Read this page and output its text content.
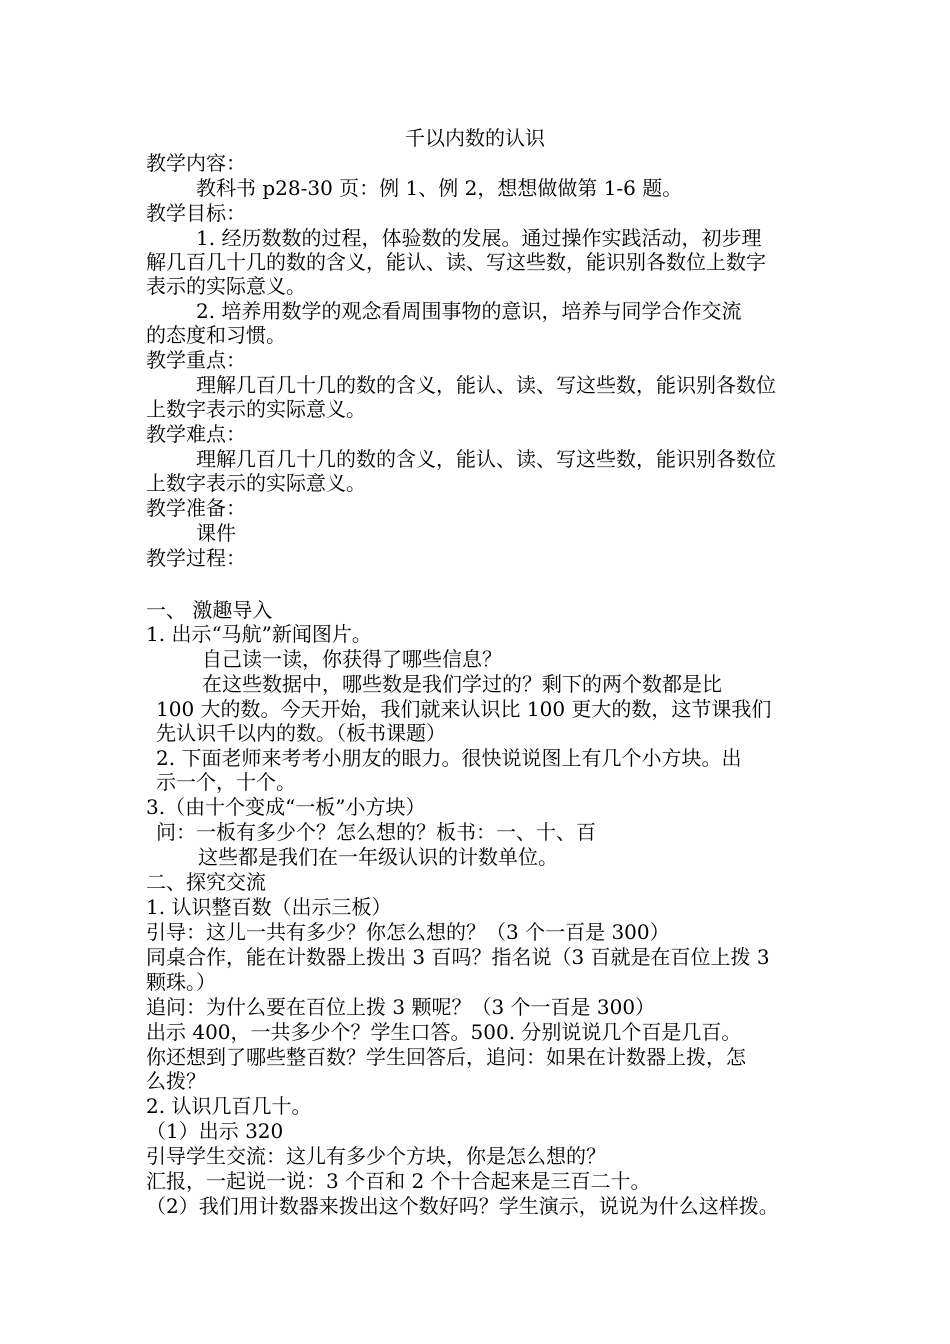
千以内数的认识
教学内容：
教科书 p28-30 页：例 1、例 2，想想做做第 1-6 题。
教学目标：
1. 经历数数的过程，体验数的发展。通过操作实践活动，初步理
解几百几十几的数的含义，能认、读、写这些数，能识别各数位上数字
表示的实际意义。
2. 培养用数学的观念看周围事物的意识，培养与同学合作交流
的态度和习惯。
教学重点：
理解几百几十几的数的含义，能认、读、写这些数，能识别各数位
上数字表示的实际意义。
教学难点：
理解几百几十几的数的含义，能认、读、写这些数，能识别各数位
上数字表示的实际意义。
教学准备：
课件
教学过程：
一、 激趣导入
1. 出示“马航”新闻图片。
自己读一读，你获得了哪些信息？
在这些数据中，哪些数是我们学过的？剩下的两个数都是比
100 大的数。今天开始，我们就来认识比 100 更大的数，这节课我们
先认识千以内的数。（板书课题）
2. 下面老师来考考小朋友的眼力。很快说说图上有几个小方块。出
示一个，十个。
3.（由十个变成“一板”小方块）
问：一板有多少个？怎么想的？板书：一、十、百
这些都是我们在一年级认识的计数单位。
二、探究交流
1. 认识整百数（出示三板）
引导：这儿一共有多少？你怎么想的？（3 个一百是 300）
同桌合作，能在计数器上拨出 3 百吗？指名说（3 百就是在百位上拨 3
颗珠。）
追问：为什么要在百位上拨 3 颗呢？（3 个一百是 300）
出示 400，一共多少个？学生口答。500. 分别说说几个百是几百。
你还想到了哪些整百数？学生回答后，追问：如果在计数器上拨，怎
么拨？
2. 认识几百几十。
（1）出示 320
引导学生交流：这儿有多少个方块，你是怎么想的？
汇报，一起说一说：3 个百和 2 个十合起来是三百二十。
（2）我们用计数器来拨出这个数好吗？学生演示，说说为什么这样拨。
